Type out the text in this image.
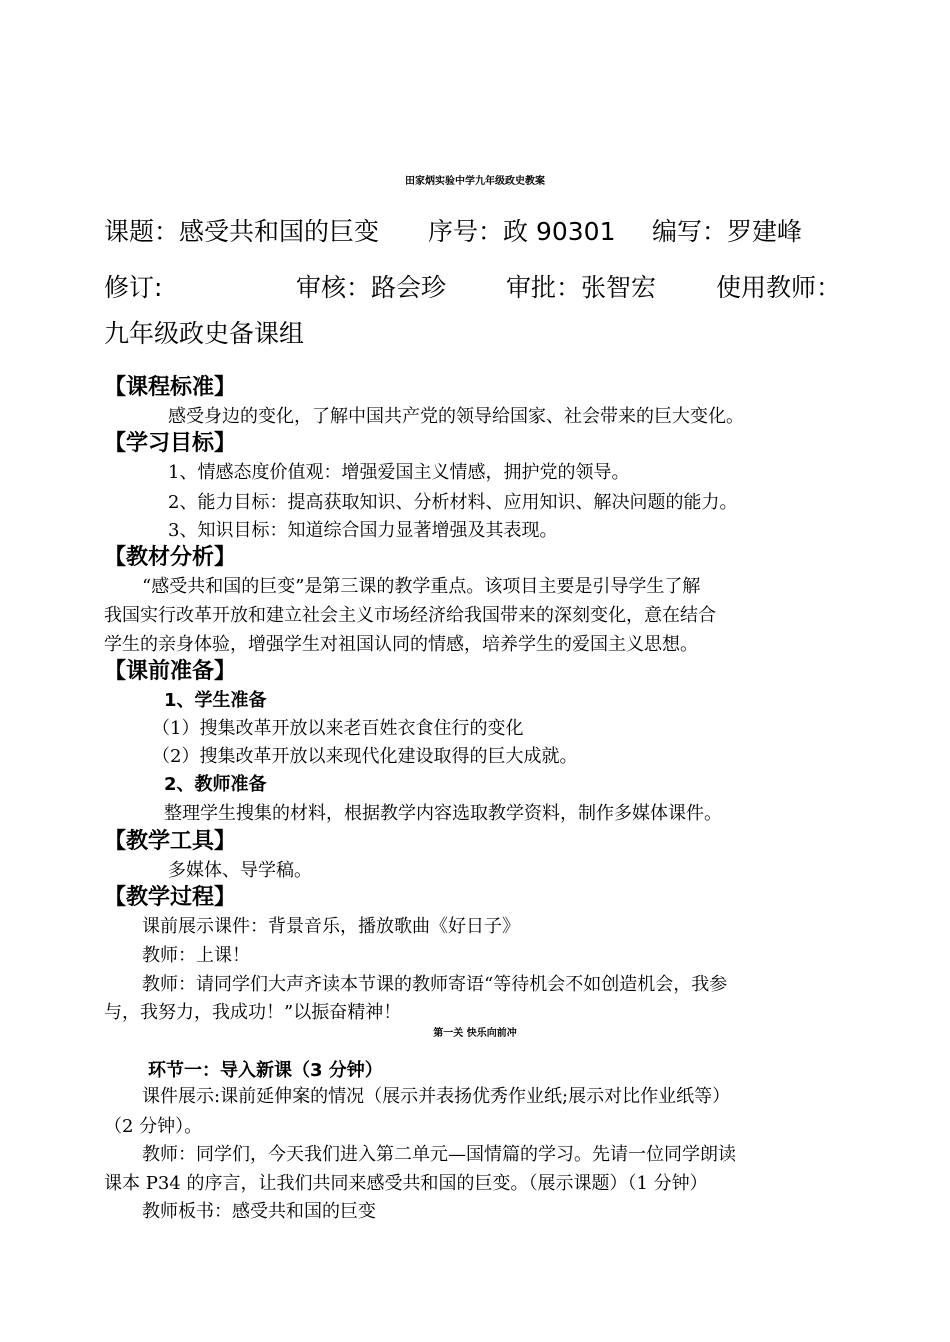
田家炳实验中学九年级政史教案
课题：感受共和国的巨变 序号：政 90301 编写：罗建峰
修订:	审核：路会珍 审批：张智宏 使用教师：
九年级政史备课组
【课程标准】
感受身边的变化，了解中国共产党的领导给国家、社会带来的巨大变化。
【学习目标】
1、情感态度价值观：增强爱国主义情感，拥护党的领导。
2、能力目标：提高获取知识、分析材料、应用知识、解决问题的能力。
3、知识目标：知道综合国力显著增强及其表现。
【教材分析】
“感受共和国的巨变”是第三课的教学重点。该项目主要是引导学生了解
我国实行改革开放和建立社会主义市场经济给我国带来的深刻变化，意在结合
学生的亲身体验，增强学生对祖国认同的情感，培养学生的爱国主义思想。
【课前准备】
1、学生准备
（1）搜集改革开放以来老百姓衣食住行的变化
（2）搜集改革开放以来现代化建设取得的巨大成就。
2、教师准备
整理学生搜集的材料，根据教学内容选取教学资料，制作多媒体课件。
【教学工具】
多媒体、导学稿。
【教学过程】
课前展示课件：背景音乐，播放歌曲《好日子》
教师：上课！
教师：请同学们大声齐读本节课的教师寄语“等待机会不如创造机会，我参
与，我努力，我成功！”以振奋精神！
第一关 快乐向前冲
环节一：导入新课（3 分钟）
课件展示:课前延伸案的情况（展示并表扬优秀作业纸;展示对比作业纸等）
（2 分钟）。
教师：同学们，今天我们进入第二单元—国情篇的学习。先请一位同学朗读
课本 P34 的序言，让我们共同来感受共和国的巨变。（展示课题）（1 分钟）
教师板书：感受共和国的巨变
